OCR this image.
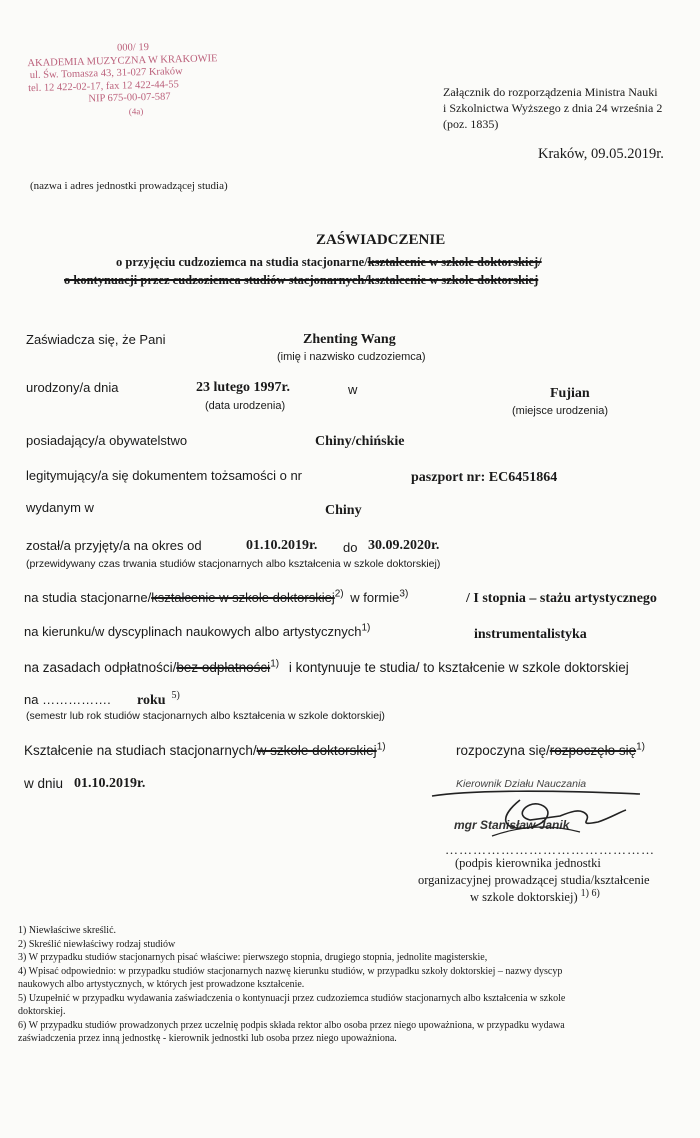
000/ 19
AKADEMIA MUZYCZNA W KRAKOWIE
ul. Św. Tomasza 43, 31-027 Kraków
tel. 12 422-02-17, fax 12 422-44-55
NIP 675-00-07-587
(4a)
Załącznik do rozporządzenia Ministra Nauki
i Szkolnictwa Wyższego z dnia 24 września 2
(poz. 1835)
Kraków, 09.05.2019r.
(nazwa i adres jednostki prowadzącej studia)
ZAŚWIADCZENIE
o przyjęciu cudzoziemca na studia stacjonarne/kształcenie w szkole doktorskiej/
o kontynuacji przez cudzoziemca studiów stacjonarnych/kształcenie w szkole doktorskiej
Zaświadcza się, że Pani	Zhenting Wang
(imię i nazwisko cudzoziemca)
urodzony/a dnia	23 lutego 1997r.
(data urodzenia)
w	Fujian
(miejsce urodzenia)
posiadający/a obywatelstwo	Chiny/chińskie
legitymujący/a się dokumentem tożsamości o nr	paszport nr: EC6451864
wydanym w	Chiny
został/a przyjęty/a na okres od	01.10.2019r. do 30.09.2020r.
(przewidywany czas trwania studiów stacjonarnych albo kształcenia w szkole doktorskiej)
na studia stacjonarne/kształcenie w szkole doktorskiej$^{2)}$ w formie$^{3)}$	/ I stopnia – stażu artystycznego
na kierunku/w dyscyplinach naukowych albo artystycznych$^{1)}$	instrumentalistyka
na zasadach odpłatności/bez odpłatności$^{1)}$ i kontynuuje te studia/ to kształcenie w szkole doktorskiej
na ……………. roku $^{5)}$
(semestr lub rok studiów stacjonarnych albo kształcenia w szkole doktorskiej)
Kształcenie na studiach stacjonarnych/w szkole doktorskiej$^{1)}$	rozpoczyna się/rozpoczęło się$^{1)}$
w dniu 01.10.2019r.	Kierownik Działu Nauczania
mgr Stanisław Janik
………………………………………
(podpis kierownika jednostki
organizacyjnej prowadzącej studia/kształcenie
w szkole doktorskiej) $^{1) 6)}$
1) Niewłaściwe skreślić.
2) Skreślić niewłaściwy rodzaj studiów
3) W przypadku studiów stacjonarnych pisać właściwe: pierwszego stopnia, drugiego stopnia, jednolite magisterskie,
4) Wpisać odpowiednio: w przypadku studiów stacjonarnych nazwę kierunku studiów, w przypadku szkoły doktorskiej – nazwy dyscyp
naukowych albo artystycznych, w których jest prowadzone kształcenie.
5) Uzupełnić w przypadku wydawania zaświadczenia o kontynuacji przez cudzoziemca studiów stacjonarnych albo kształcenia w szkole
doktorskiej.
6) W przypadku studiów prowadzonych przez uczelnię podpis składa rektor albo osoba przez niego upoważniona, w przypadku wydawa
zaświadczenia przez inną jednostkę - kierownik jednostki lub osoba przez niego upoważniona.
